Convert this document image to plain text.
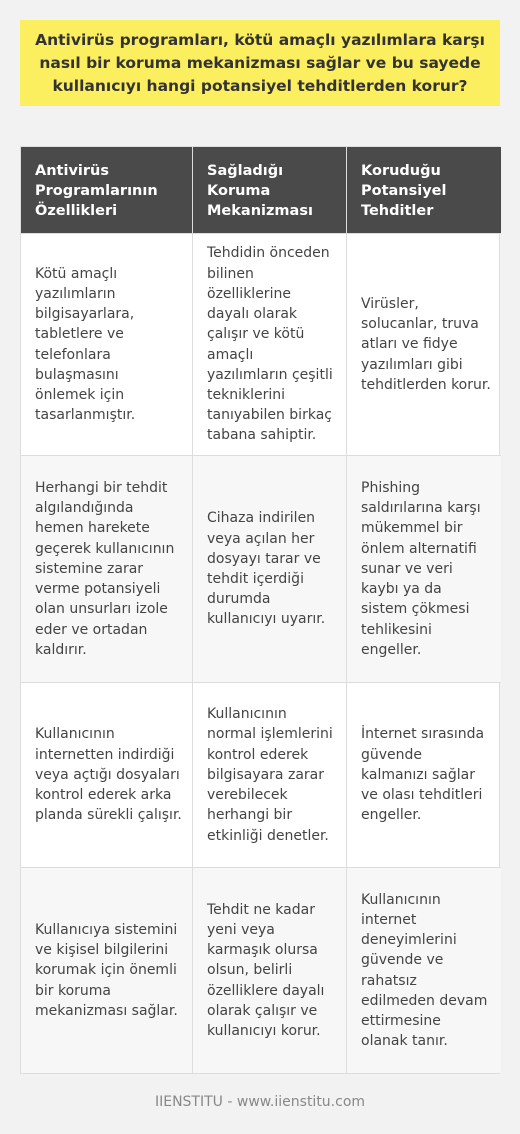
Antivirüs programları, kötü amaçlı yazılımlara karşı nasıl bir koruma mekanizması sağlar ve bu sayede kullanıcıyı hangi potansiyel tehditlerden korur?
Antivirüs Programlarının Özellikleri
Sağladığı Koruma Mekanizması
Koruduğu Potansiyel Tehditler
Kötü amaçlı yazılımların bilgisayarlara, tabletlere ve telefonlara bulaşmasını önlemek için tasarlanmıştır.
Tehdidin önceden bilinen özelliklerine dayalı olarak çalışır ve kötü amaçlı yazılımların çeşitli tekniklerini tanıyabilen birkaç tabana sahiptir.
Virüsler, solucanlar, truva atları ve fidye yazılımları gibi tehditlerden korur.
Herhangi bir tehdit algılandığında hemen harekete geçerek kullanıcının sistemine zarar verme potansiyeli olan unsurları izole eder ve ortadan kaldırır.
Cihaza indirilen veya açılan her dosyayı tarar ve tehdit içerdiği durumda kullanıcıyı uyarır.
Phishing saldırılarına karşı mükemmel bir önlem alternatifi sunar ve veri kaybı ya da sistem çökmesi tehlikesini engeller.
Kullanıcının internetten indirdiği veya açtığı dosyaları kontrol ederek arka planda sürekli çalışır.
Kullanıcının normal işlemlerini kontrol ederek bilgisayara zarar verebilecek herhangi bir etkinliği denetler.
İnternet sırasında güvende kalmanızı sağlar ve olası tehditleri engeller.
Kullanıcıya sistemini ve kişisel bilgilerini korumak için önemli bir koruma mekanizması sağlar.
Tehdit ne kadar yeni veya karmaşık olursa olsun, belirli özelliklere dayalı olarak çalışır ve kullanıcıyı korur.
Kullanıcının internet deneyimlerini güvende ve rahatsız edilmeden devam ettirmesine olanak tanır.
IIENSTITU - www.iienstitu.com
